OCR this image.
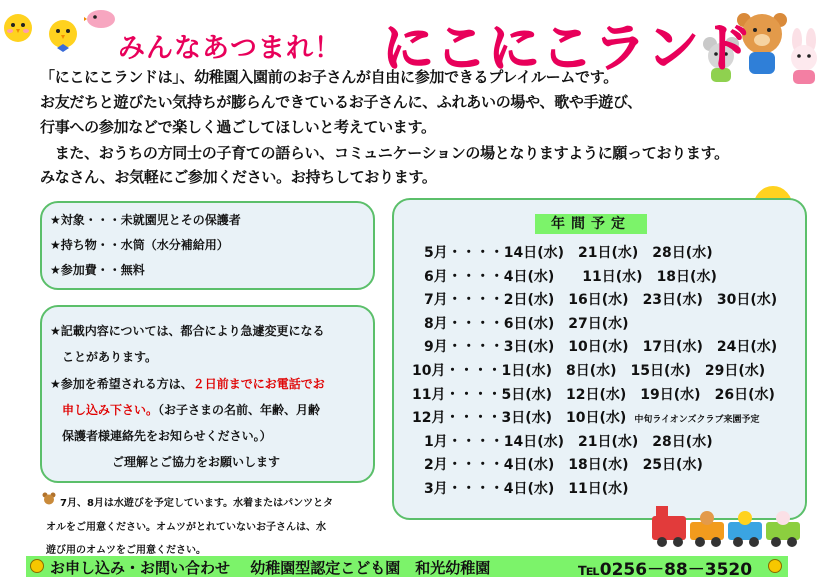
みんなあつまれ！ にこにこランド
「にこにこランドは」、幼稚園入園前のお子さんが自由に参加できるプレイルームです。
お友だちと遊びたい気持ちが膨らんできているお子さんに、ふれあいの場や、歌や手遊び、
行事への参加などで楽しく過ごしてほしいと考えています。
　また、おうちの方同士の子育ての語らい、コミュニケーションの場となりますように願っております。
みなさん、お気軽にご参加ください。お持ちしております。
★対象・・・未就園児とその保護者
★持ち物・・水筒（水分補給用）
★参加費・・無料
★記載内容については、都合により急遽変更になる
ことがあります。
★参加を希望される方は、２日前までにお電話でお
申し込み下さい。（お子さまの名前、年齢、月齢
保護者様連絡先をお知らせください。）
ご理解とご協力をお願いします
年間予定
5月・・・・14日(水)　21日(水)　28日(水)
6月・・・・4日(水)　　11日(水)　18日(水)
7月・・・・2日(水)　16日(水)　23日(水)　30日(水)
8月・・・・6日(水)　27日(水)
9月・・・・3日(水)　10日(水)　17日(水)　24日(水)
10月・・・・1日(水)　8日(水)　15日(水)　29日(水)
11月・・・・5日(水)　12日(水)　19日(水)　26日(水)
12月・・・・3日(水)　10日(水) 中旬ライオンズクラブ来園予定
1月・・・・14日(水)　21日(水)　28日(水)
2月・・・・4日(水)　18日(水)　25日(水)
3月・・・・4日(水)　11日(水)
7月、8月は水遊びを予定しています。水着またはパンツとタ
オルをご用意ください。オムツがとれていないお子さんは、水
遊び用のオムツをご用意ください。
お申し込み・お問い合わせ　 幼稚園型認定こども園　和光幼稚園	℡0256－88－3520
